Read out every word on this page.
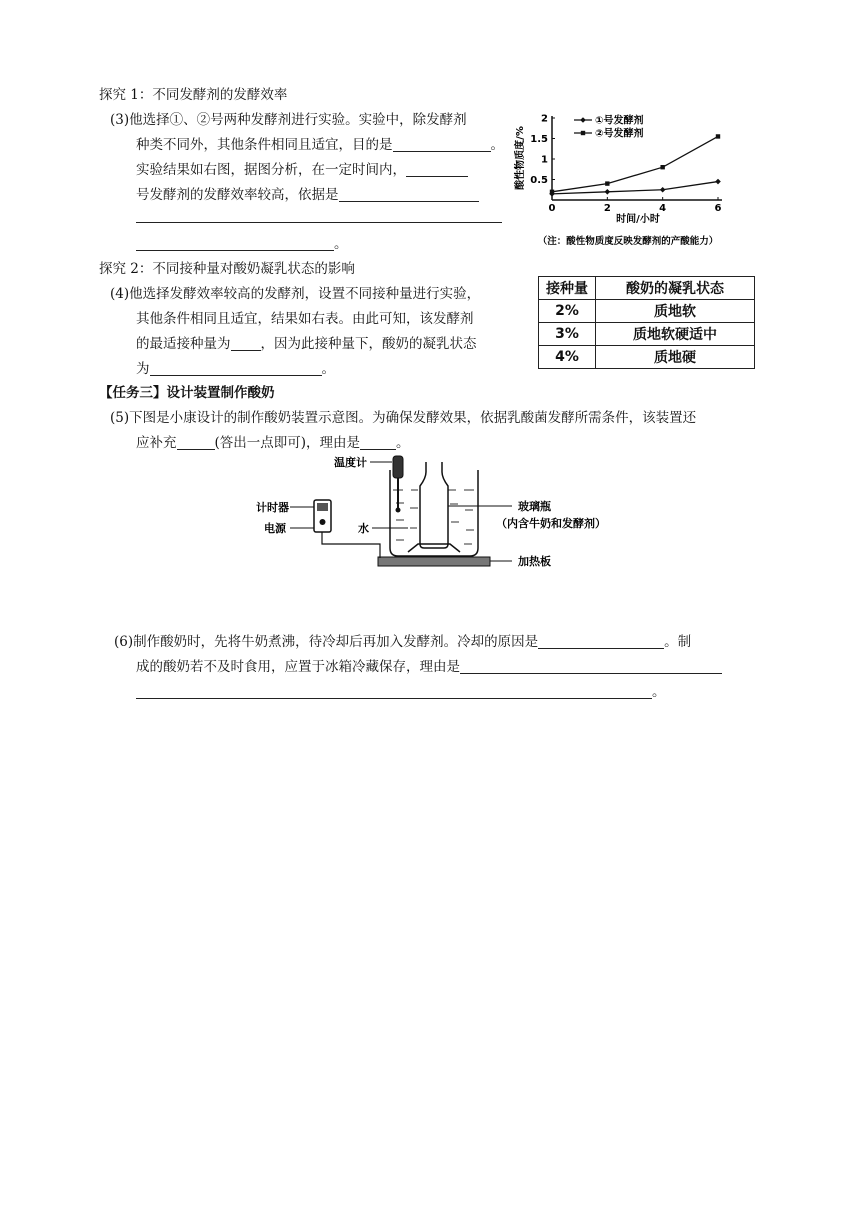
探究 1：不同发酵剂的发酵效率
(3)他选择①、②号两种发酵剂进行实验。实验中，除发酵剂
种类不同外，其他条件相同且适宜，目的是	。
实验结果如右图，据图分析，在一定时间内，
号发酵剂的发酵效率较高，依据是
。
0	2	4	6
0.5
1
1.5
2	①号发酵剂
②号发酵剂
酸性物质度/%
时间/小时
（注：酸性物质度反映发酵剂的产酸能力）
探究 2：不同接种量对酸奶凝乳状态的影响
(4)他选择发酵效率较高的发酵剂，设置不同接种量进行实验，
其他条件相同且适宜，结果如右表。由此可知，该发酵剂
的最适接种量为 ，因为此接种量下，酸奶的凝乳状态
为	。
接种量	酸奶的凝乳状态
2%	质地软
3%	质地软硬适中
4%	质地硬
【任务三】设计装置制作酸奶
(5)下图是小康设计的制作酸奶装置示意图。为确保发酵效果，依据乳酸菌发酵所需条件，该装置还
应补充	(答出一点即可)，理由是	。
温度计
计时器
电源	水
玻璃瓶
（内含牛奶和发酵剂）
加热板
(6)制作酸奶时，先将牛奶煮沸，待冷却后再加入发酵剂。冷却的原因是	。制
成的酸奶若不及时食用，应置于冰箱冷藏保存，理由是
。
